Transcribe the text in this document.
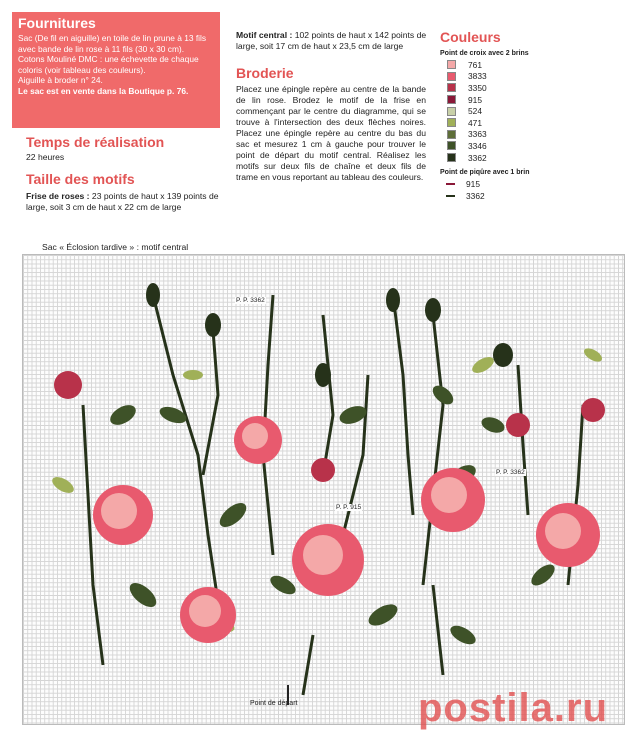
Fournitures

Sac (De fil en aiguille) en toile de lin prune à 13 fils avec bande de lin rose à 11 fils (30 x 30 cm).

Cotons Mouliné DMC : une échevette de chaque coloris (voir tableau des couleurs).

Aiguille à broder n° 24.

Le sac est en vente dans la Boutique p. 76.

Temps de réalisation

22 heures

Taille des motifs

Frise de roses : 23 points de haut x 139 points de large, soit 3 cm de haut x 22 cm de large

Motif central : 102 points de haut x 142 points de large, soit 17 cm de haut x 23,5 cm de large

Broderie

Placez une épingle repère au centre de la bande de lin rose. Brodez le motif de la frise en commençant par le centre du diagramme, qui se trouve à l'intersection des deux flèches noires. Placez une épingle repère au centre du bas du sac et mesurez 1 cm à gauche pour trouver le point de départ du motif central. Réalisez les motifs sur deux fils de chaîne et deux fils de trame en vous reportant au tableau des couleurs.

Couleurs

Point de croix avec 2 brins

761
3833
3350
915
524
471
3363
3346
3362

Point de piqûre avec 1 brin

915
3362
Sac « Éclosion tardive » : motif central
P. P. 3362
P. P. 915
P. P. 3362
Point de départ	postila.ru
